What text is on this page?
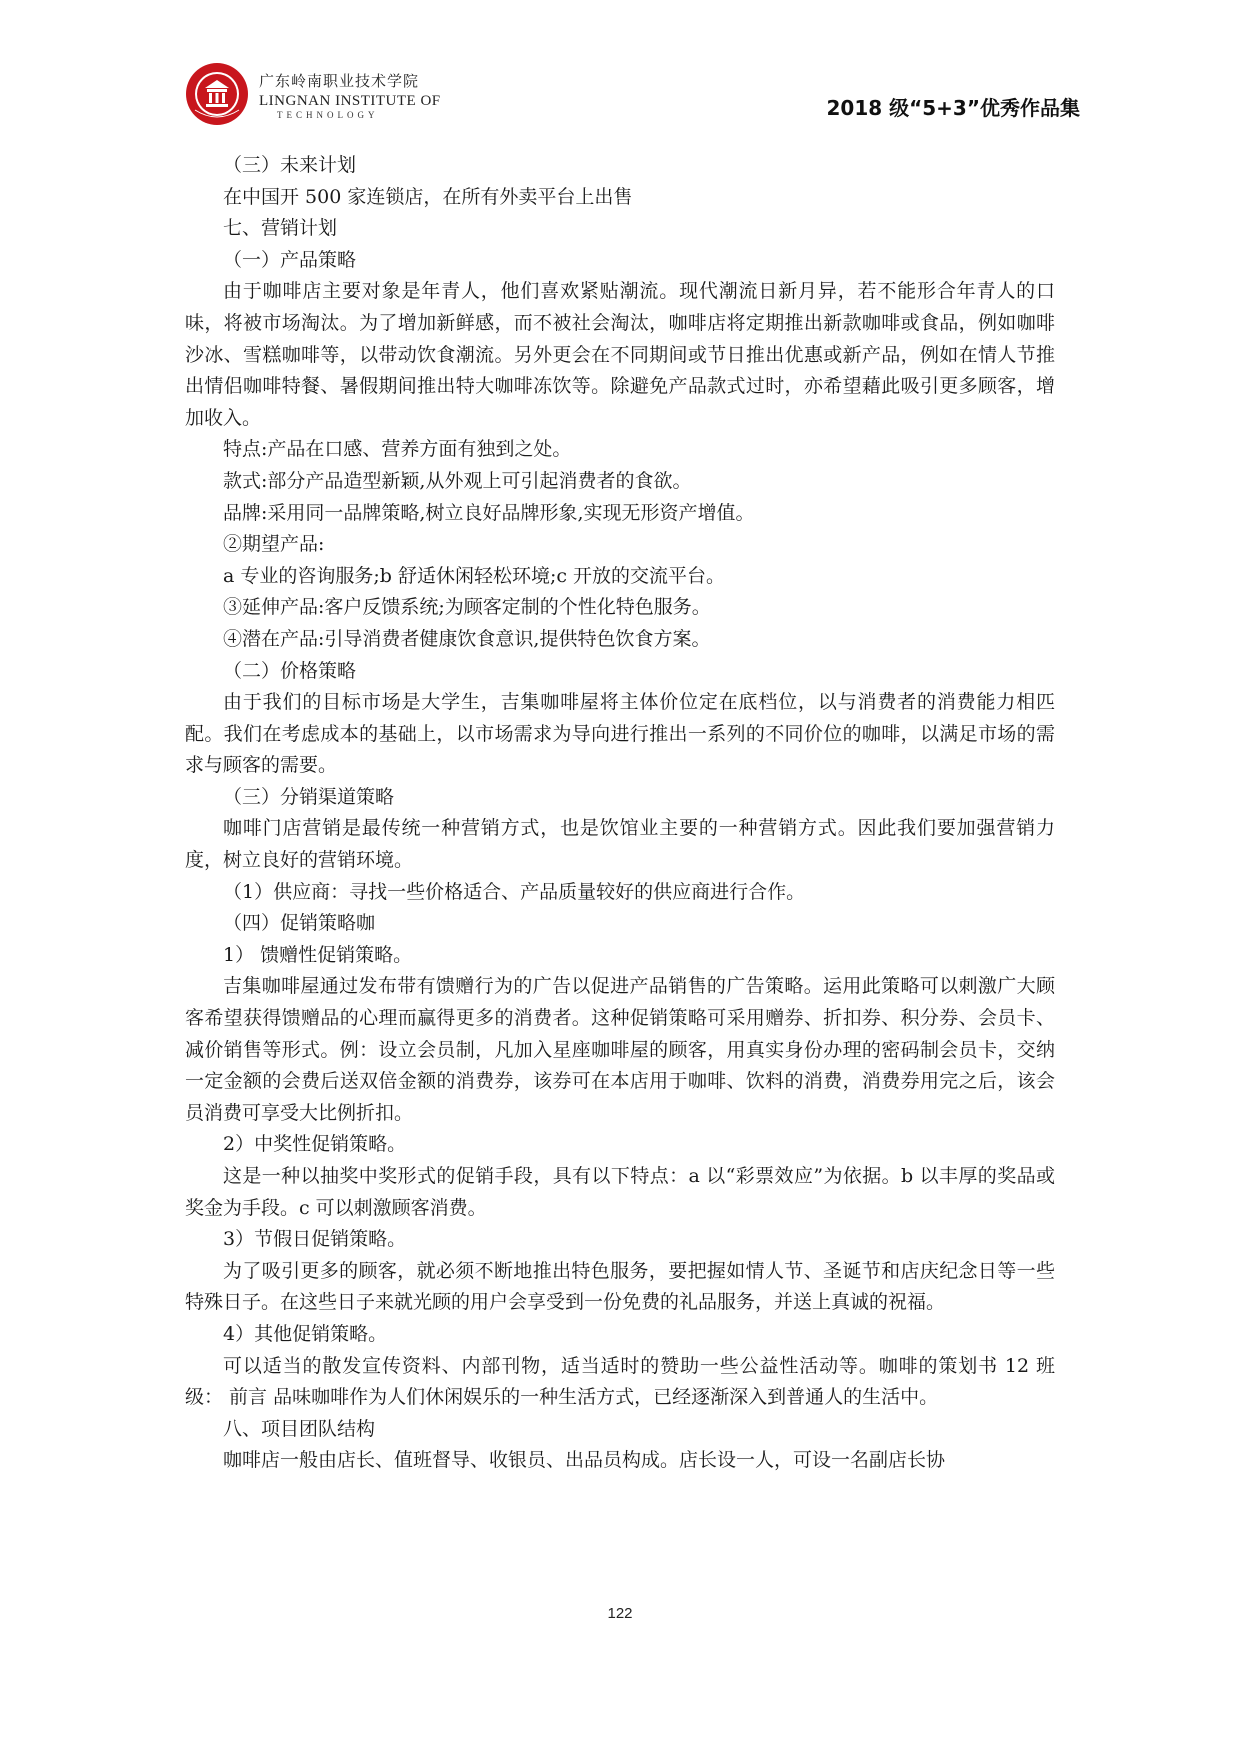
广东岭南职业技术学院
LINGNAN INSTITUTE OF
TECHNOLOGY	2018 级“5+3”优秀作品集

（三）未来计划

在中国开 500 家连锁店，在所有外卖平台上出售

七、营销计划

（一）产品策略

由于咖啡店主要对象是年青人，他们喜欢紧贴潮流。现代潮流日新月异，若不能形合年青人的口味，将被市场淘汰。为了增加新鲜感，而不被社会淘汰，咖啡店将定期推出新款咖啡或食品，例如咖啡沙冰、雪糕咖啡等，以带动饮食潮流。另外更会在不同期间或节日推出优惠或新产品，例如在情人节推出情侣咖啡特餐、暑假期间推出特大咖啡冻饮等。除避免产品款式过时，亦希望藉此吸引更多顾客，增加收入。

特点:产品在口感、营养方面有独到之处。

款式:部分产品造型新颖,从外观上可引起消费者的食欲。

品牌:采用同一品牌策略,树立良好品牌形象,实现无形资产增值。

②期望产品:

a 专业的咨询服务;b 舒适休闲轻松环境;c 开放的交流平台。

③延伸产品:客户反馈系统;为顾客定制的个性化特色服务。

④潜在产品:引导消费者健康饮食意识,提供特色饮食方案。

（二）价格策略

由于我们的目标市场是大学生，吉集咖啡屋将主体价位定在底档位，以与消费者的消费能力相匹配。我们在考虑成本的基础上，以市场需求为导向进行推出一系列的不同价位的咖啡，以满足市场的需求与顾客的需要。

（三）分销渠道策略

咖啡门店营销是最传统一种营销方式，也是饮馆业主要的一种营销方式。因此我们要加强营销力度，树立良好的营销环境。

（1）供应商：寻找一些价格适合、产品质量较好的供应商进行合作。

（四）促销策略咖

1） 馈赠性促销策略。

吉集咖啡屋通过发布带有馈赠行为的广告以促进产品销售的广告策略。运用此策略可以刺激广大顾客希望获得馈赠品的心理而赢得更多的消费者。这种促销策略可采用赠券、折扣券、积分券、会员卡、减价销售等形式。例：设立会员制，凡加入星座咖啡屋的顾客，用真实身份办理的密码制会员卡，交纳一定金额的会费后送双倍金额的消费券，该券可在本店用于咖啡、饮料的消费，消费券用完之后，该会员消费可享受大比例折扣。

2）中奖性促销策略。

这是一种以抽奖中奖形式的促销手段，具有以下特点：a 以“彩票效应”为依据。b 以丰厚的奖品或奖金为手段。c 可以刺激顾客消费。

3）节假日促销策略。

为了吸引更多的顾客，就必须不断地推出特色服务，要把握如情人节、圣诞节和店庆纪念日等一些特殊日子。在这些日子来就光顾的用户会享受到一份免费的礼品服务，并送上真诚的祝福。

4）其他促销策略。

可以适当的散发宣传资料、内部刊物，适当适时的赞助一些公益性活动等。咖啡的策划书 12 班级： 前言 品味咖啡作为人们休闲娱乐的一种生活方式，已经逐渐深入到普通人的生活中。

八、项目团队结构

咖啡店一般由店长、值班督导、收银员、出品员构成。店长设一人，可设一名副店长协

122
